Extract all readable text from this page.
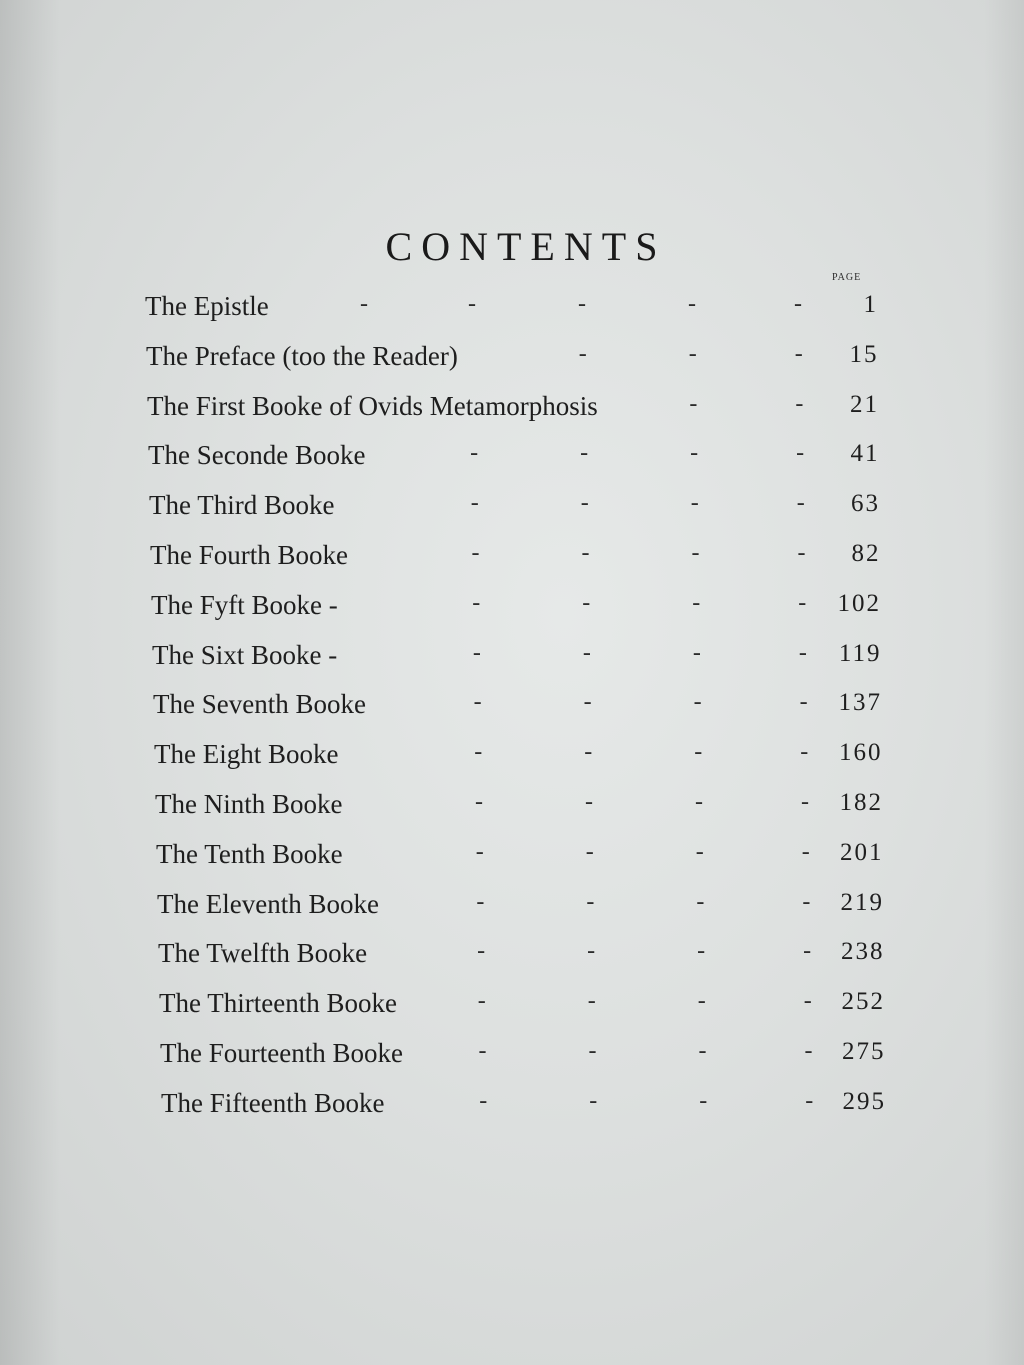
CONTENTS
PAGE
The Epistle	-	-	-	-	-	1
The Preface (too the Reader)	-	-	-	15
The First Booke of Ovids Metamorphosis	-	-	21
The Seconde Booke	-	-	-	-	41
The Third Booke	-	-	-	-	63
The Fourth Booke	-	-	-	-	82
The Fyft Booke -	-	-	-	-	102
The Sixt Booke -	-	-	-	-	119
The Seventh Booke	-	-	-	-	137
The Eight Booke	-	-	-	-	160
The Ninth Booke	-	-	-	-	182
The Tenth Booke	-	-	-	-	201
The Eleventh Booke	-	-	-	-	219
The Twelfth Booke	-	-	-	-	238
The Thirteenth Booke	-	-	-	-	252
The Fourteenth Booke	-	-	-	-	275
The Fifteenth Booke	-	-	-	-	295
